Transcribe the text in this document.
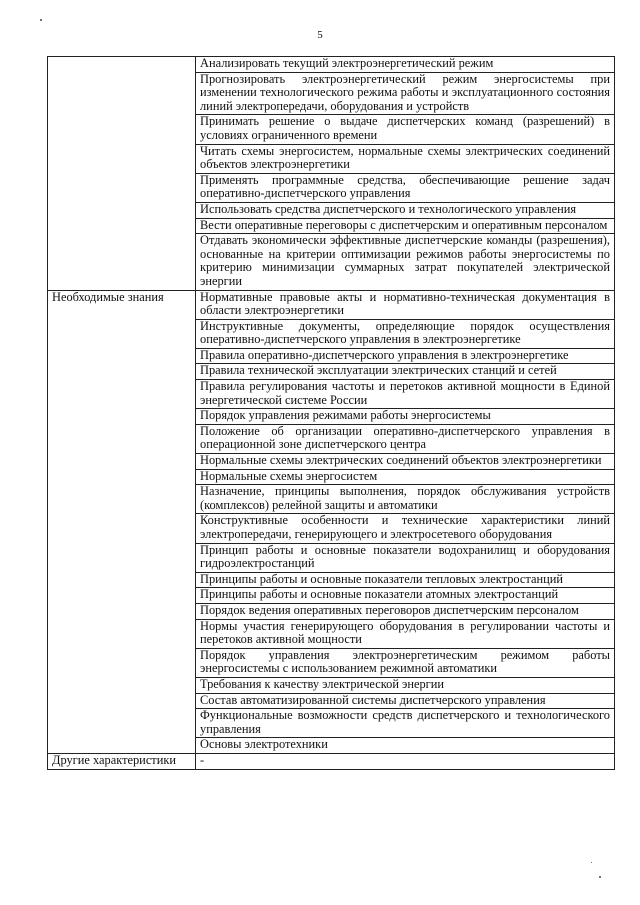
5
	Анализировать текущий электроэнергетический режим
	Прогнозировать электроэнергетический режим энергосистемы при изменении технологического режима работы и эксплуатационного состояния линий электропередачи, оборудования и устройств
	Принимать решение о выдаче диспетчерских команд (разрешений) в условиях ограниченного времени
	Читать схемы энергосистем, нормальные схемы электрических соединений объектов электроэнергетики
	Применять программные средства, обеспечивающие решение задач оперативно-диспетчерского управления
	Использовать средства диспетчерского и технологического управления
	Вести оперативные переговоры с диспетчерским и оперативным персоналом
	Отдавать экономически эффективные диспетчерские команды (разрешения), основанные на критерии оптимизации режимов работы энергосистемы по критерию минимизации суммарных затрат покупателей электрической энергии
Необходимые знания	Нормативные правовые акты и нормативно-техническая документация в области электроэнергетики
	Инструктивные документы, определяющие порядок осуществления оперативно-диспетчерского управления в электроэнергетике
	Правила оперативно-диспетчерского управления в электроэнергетике
	Правила технической эксплуатации электрических станций и сетей
	Правила регулирования частоты и перетоков активной мощности в Единой энергетической системе России
	Порядок управления режимами работы энергосистемы
	Положение об организации оперативно-диспетчерского управления в операционной зоне диспетчерского центра
	Нормальные схемы электрических соединений объектов электроэнергетики
	Нормальные схемы энергосистем
	Назначение, принципы выполнения, порядок обслуживания устройств (комплексов) релейной защиты и автоматики
	Конструктивные особенности и технические характеристики линий электропередачи, генерирующего и электросетевого оборудования
	Принцип работы и основные показатели водохранилищ и оборудования гидроэлектростанций
	Принципы работы и основные показатели тепловых электростанций
	Принципы работы и основные показатели атомных электростанций
	Порядок ведения оперативных переговоров диспетчерским персоналом
	Нормы участия генерирующего оборудования в регулировании частоты и перетоков активной мощности
	Порядок управления электроэнергетическим режимом работы энергосистемы с использованием режимной автоматики
	Требования к качеству электрической энергии
	Состав автоматизированной системы диспетчерского управления
	Функциональные возможности средств диспетчерского и технологического управления
	Основы электротехники
Другие характеристики	-
